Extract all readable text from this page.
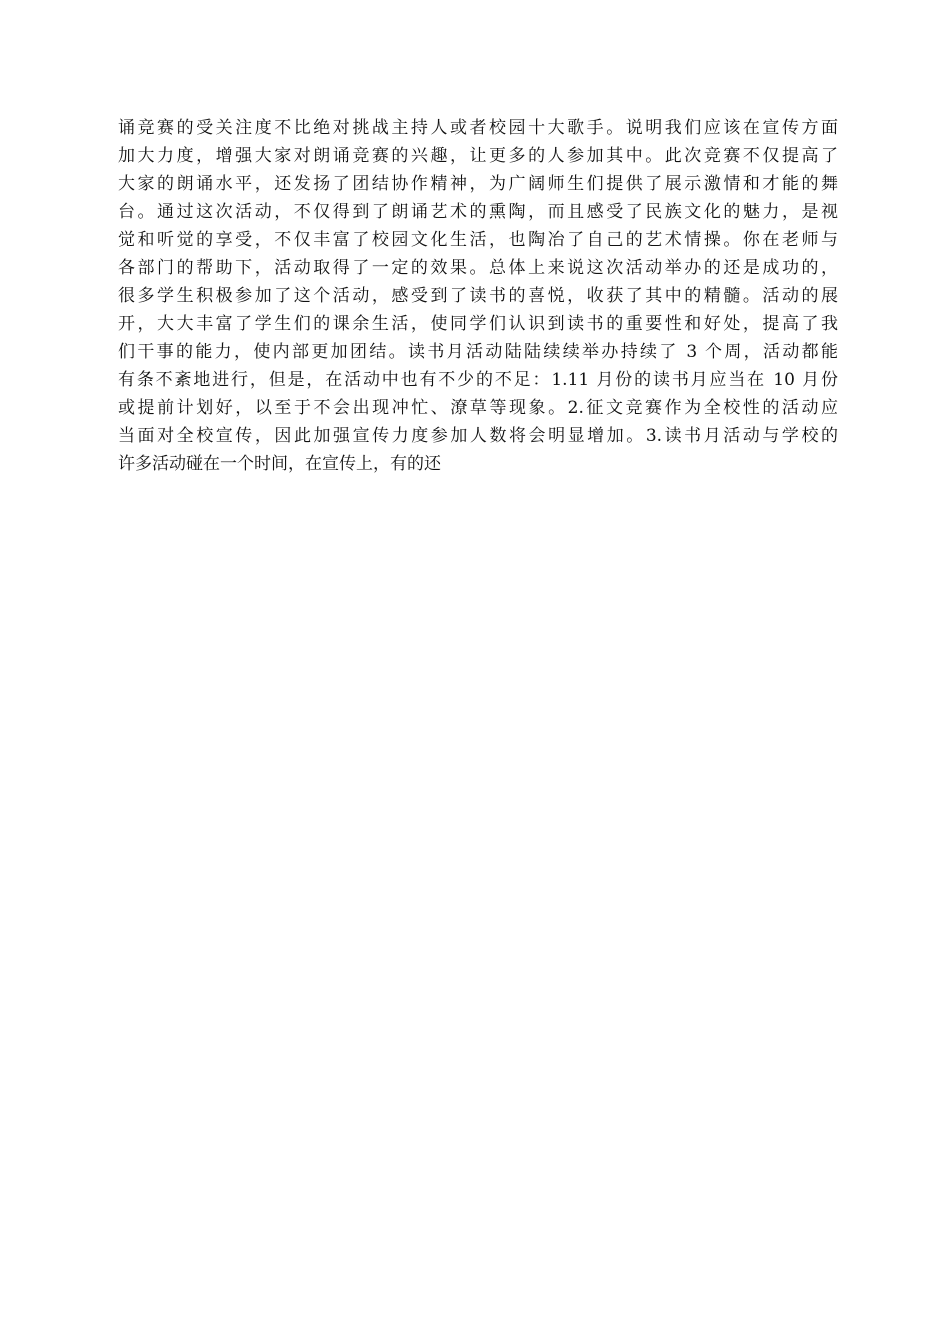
诵竞赛的受关注度不比绝对挑战主持人或者校园十大歌手。说明我们应该在宣传方面
加大力度，增强大家对朗诵竞赛的兴趣，让更多的人参加其中。此次竞赛不仅提高了
大家的朗诵水平，还发扬了团结协作精神，为广阔师生们提供了展示激情和才能的舞
台。通过这次活动，不仅得到了朗诵艺术的熏陶，而且感受了民族文化的魅力，是视
觉和听觉的享受，不仅丰富了校园文化生活，也陶冶了自己的艺术情操。你在老师与
各部门的帮助下，活动取得了一定的效果。总体上来说这次活动举办的还是成功的，
很多学生积极参加了这个活动，感受到了读书的喜悦，收获了其中的精髓。活动的展
开，大大丰富了学生们的课余生活，使同学们认识到读书的重要性和好处，提高了我
们干事的能力，使内部更加团结。读书月活动陆陆续续举办持续了 3 个周，活动都能
有条不紊地进行，但是，在活动中也有不少的不足：1.11 月份的读书月应当在 10 月份
或提前计划好，以至于不会出现冲忙、潦草等现象。2.征文竞赛作为全校性的活动应
当面对全校宣传，因此加强宣传力度参加人数将会明显增加。3.读书月活动与学校的
许多活动碰在一个时间，在宣传上，有的还
